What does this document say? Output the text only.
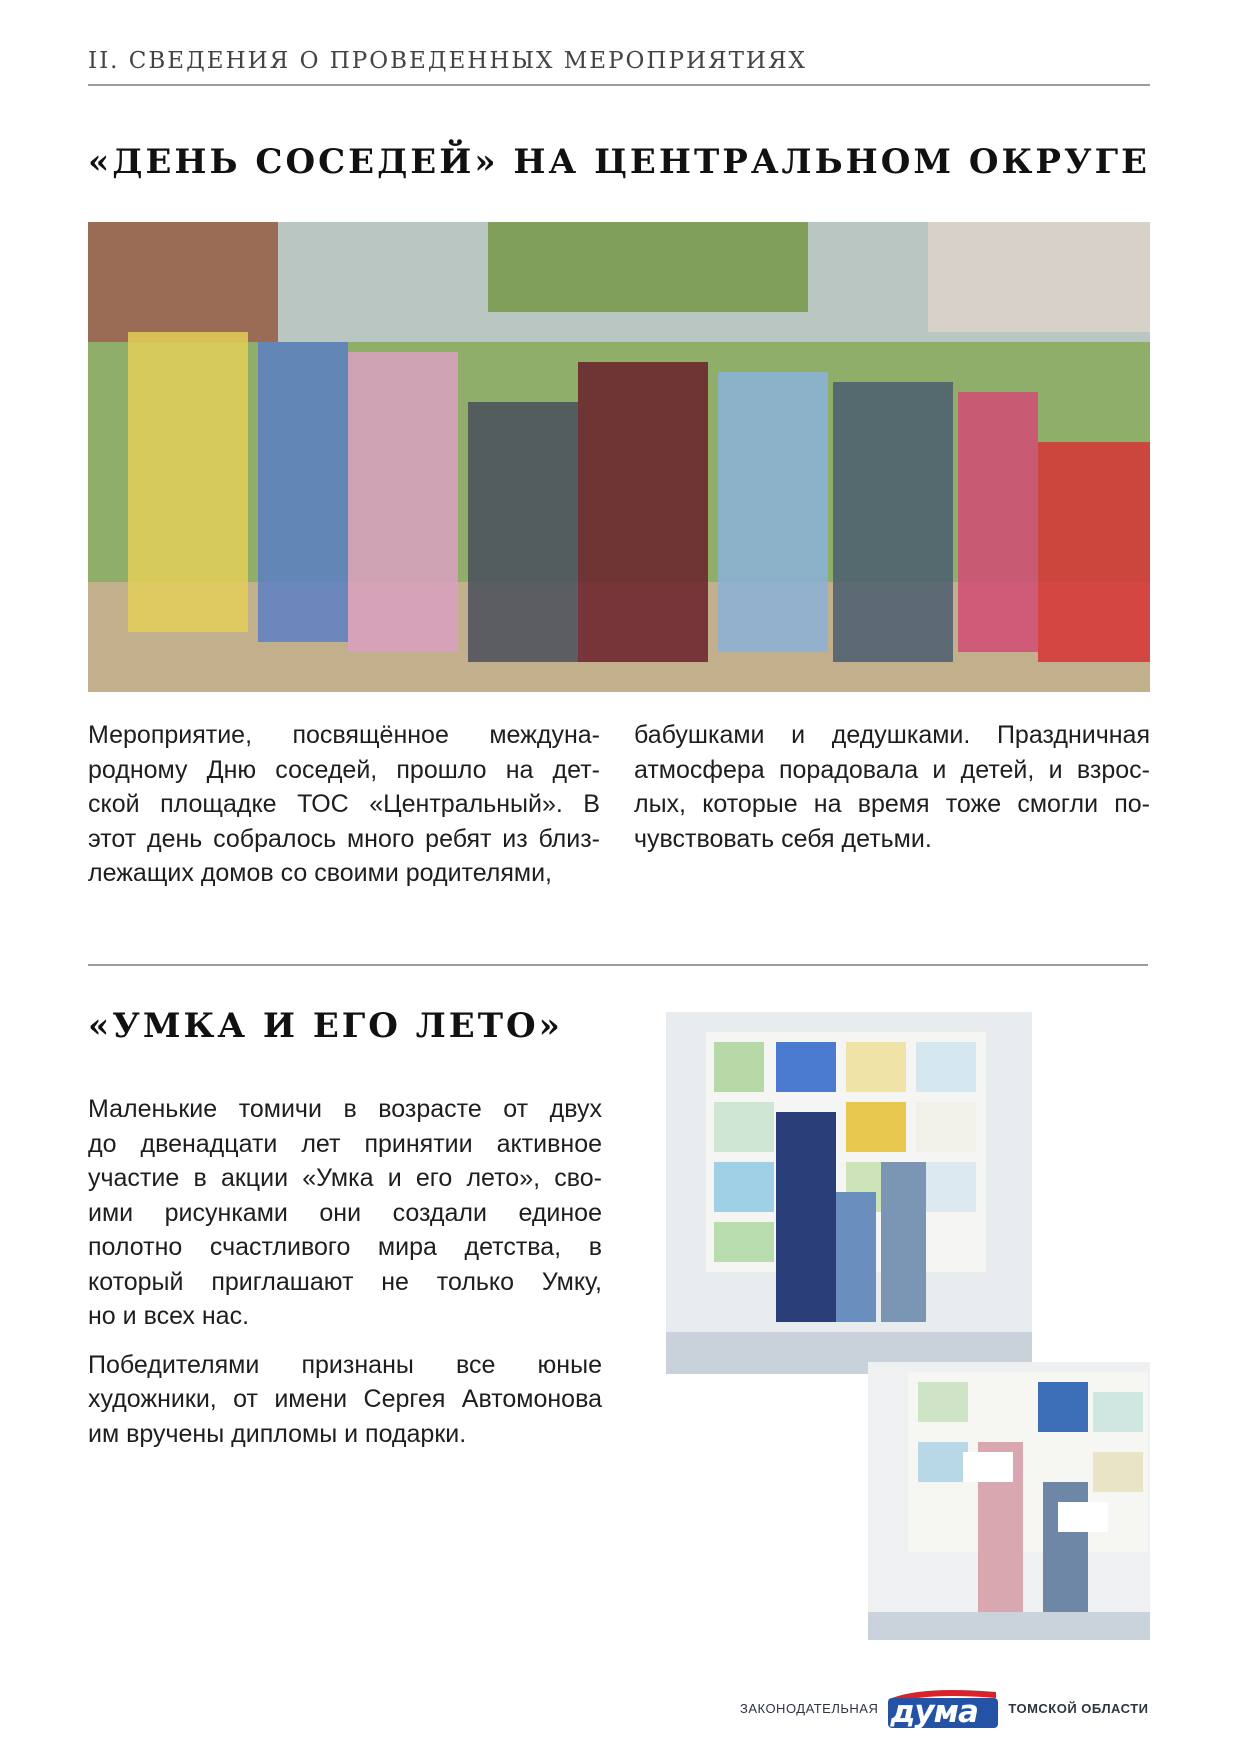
II. СВЕДЕНИЯ О ПРОВЕДЕННЫХ МЕРОПРИЯТИЯХ
«ДЕНЬ СОСЕДЕЙ» НА ЦЕНТРАЛЬНОМ ОКРУГЕ
Мероприятие, посвящённое междуна-
родному Дню соседей, прошло на дет-
ской площадке ТОС «Центральный». В
этот день собралось много ребят из близ-
лежащих домов со своими родителями,
бабушками и дедушками. Праздничная
атмосфера порадовала и детей, и взрос-
лых, которые на время тоже смогли по-
чувствовать себя детьми.
«УМКА И ЕГО ЛЕТО»

Маленькие томичи в возрасте от двух
до двенадцати лет принятии активное
участие в акции «Умка и его лето», сво-
ими рисунками они создали единое
полотно счастливого мира детства, в
который приглашают не только Умку,
но и всех нас.

Победителями признаны все юные
художники, от имени Сергея Автомонова
им вручены дипломы и подарки.

ЗАКОНОДАТЕЛЬНАЯ дума ТОМСКОЙ ОБЛАСТИ
